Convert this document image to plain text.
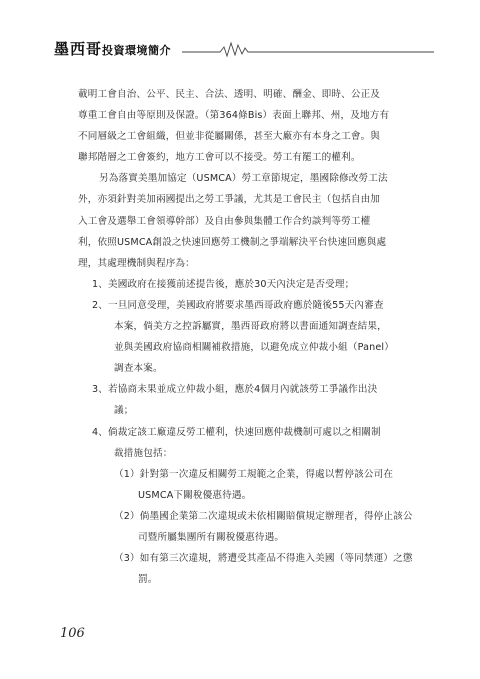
墨西哥投資環境簡介
載明工會自治、公平、民主、合法、透明、明確、酬金、即時、公正及
尊重工會自由等原則及保證。（第364條Bis）表面上聯邦、州，及地方有
不同層級之工會組織，但並非從屬關係，甚至大廠亦有本身之工會。與
聯邦階層之工會簽約，地方工會可以不接受。勞工有罷工的權利。
另為落實美墨加協定（USMCA）勞工章節規定，墨國除修改勞工法
外，亦須針對美加兩國提出之勞工爭議，尤其是工會民主（包括自由加
入工會及選舉工會領導幹部）及自由參與集體工作合約談判等勞工權
利，依照USMCA創設之快速回應勞工機制之爭端解決平台快速回應與處
理，其處理機制與程序為：
1、美國政府在接獲前述提告後，應於30天內決定是否受理；
2、一旦同意受理，美國政府將要求墨西哥政府應於隨後55天內審查
本案，倘美方之控訴屬實，墨西哥政府將以書面通知調查結果，
並與美國政府協商相關補救措施，以避免成立仲裁小組（Panel）
調查本案。
3、若協商未果並成立仲裁小組，應於4個月內就該勞工爭議作出決
議；
4、倘裁定該工廠違反勞工權利，快速回應仲裁機制可處以之相關制
裁措施包括：
（1）針對第一次違反相關勞工規範之企業，得處以暫停該公司在
USMCA下關稅優惠待遇。
（2）倘墨國企業第二次違規或未依相關賠償規定辦理者，得停止該公
司暨所屬集團所有關稅優惠待遇。
（3）如有第三次違規，將遭受其產品不得進入美國（等同禁運）之懲
罰。
106
